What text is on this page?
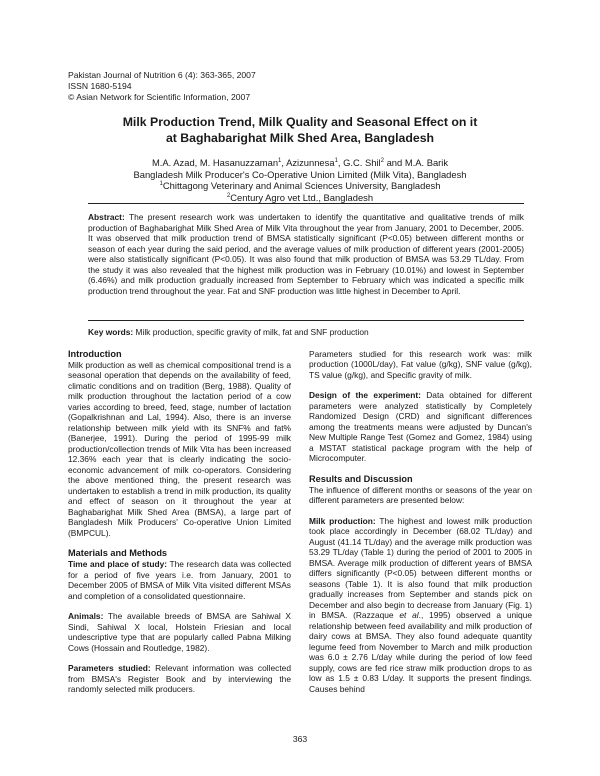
Pakistan Journal of Nutrition 6 (4): 363-365, 2007
ISSN 1680-5194
© Asian Network for Scientific Information, 2007
Milk Production Trend, Milk Quality and Seasonal Effect on it
at Baghabarighat Milk Shed Area, Bangladesh
M.A. Azad, M. Hasanuzzaman$^1$, Azizunnesa$^1$, G.C. Shil$^2$ and M.A. Barik
Bangladesh Milk Producer's Co-Operative Union Limited (Milk Vita), Bangladesh
$^1$Chittagong Veterinary and Animal Sciences University, Bangladesh
$^2$Century Agro vet Ltd., Bangladesh

Abstract: The present research work was undertaken to identify the quantitative and qualitative trends of milk production of Baghabarighat Milk Shed Area of Milk Vita throughout the year from January, 2001 to December, 2005. It was observed that milk production trend of BMSA statistically significant (P<0.05) between different months or season of each year during the said period, and the average values of milk production of different years (2001-2005) were also statistically significant (P<0.05). It was also found that milk production of BMSA was 53.29 TL/day. From the study it was also revealed that the highest milk production was in February (10.01%) and lowest in September (6.46%) and milk production gradually increased from September to February which was indicated a specific milk production trend throughout the year. Fat and SNF production was little highest in December to April.

Key words: Milk production, specific gravity of milk, fat and SNF production
Introduction

Milk production as well as chemical compositional trend is a seasonal operation that depends on the availability of feed, climatic conditions and on tradition (Berg, 1988). Quality of milk production throughout the lactation period of a cow varies according to breed, feed, stage, number of lactation (Gopalkrishnan and Lal, 1994). Also, there is an inverse relationship between milk yield with its SNF% and fat% (Banerjee, 1991). During the period of 1995-99 milk production/collection trends of Milk Vita has been increased 12.36% each year that is clearly indicating the socio-economic advancement of milk co-operators. Considering the above mentioned thing, the present research was undertaken to establish a trend in milk production, its quality and effect of season on it throughout the year at Baghabarighat Milk Shed Area (BMSA), a large part of Bangladesh Milk Producers' Co-operative Union Limited (BMPCUL).

Materials and Methods

Time and place of study: The research data was collected for a period of five years i.e. from January, 2001 to December 2005 of BMSA of Milk Vita visited different MSAs and completion of a consolidated questionnaire.

Animals: The available breeds of BMSA are Sahiwal X Sindi, Sahiwal X local, Holstein Friesian and local undescriptive type that are popularly called Pabna Milking Cows (Hossain and Routledge, 1982).

Parameters studied: Relevant information was collected from BMSA's Register Book and by interviewing the randomly selected milk producers.

Parameters studied for this research work was: milk production (1000L/day), Fat value (g/kg), SNF value (g/kg), TS value (g/kg), and Specific gravity of milk.

Design of the experiment: Data obtained for different parameters were analyzed statistically by Completely Randomized Design (CRD) and significant differences among the treatments means were adjusted by Duncan's New Multiple Range Test (Gomez and Gomez, 1984) using a MSTAT statistical package program with the help of Microcomputer.

Results and Discussion

The influence of different months or seasons of the year on different parameters are presented below:

Milk production: The highest and lowest milk production took place accordingly in December (68.02 TL/day) and August (41.14 TL/day) and the average milk production was 53.29 TL/day (Table 1) during the period of 2001 to 2005 in BMSA. Average milk production of different years of BMSA differs significantly (P<0.05) between different months or seasons (Table 1). It is also found that milk production gradually increases from September and stands pick on December and also begin to decrease from January (Fig. 1) in BMSA. (Razzaque et al., 1995) observed a unique relationship between feed availability and milk production of dairy cows at BMSA. They also found adequate quantity legume feed from November to March and milk production was 6.0 ± 2.76 L/day while during the period of low feed supply, cows are fed rice straw milk production drops to as low as 1.5 ± 0.83 L/day. It supports the present findings. Causes behind

363
